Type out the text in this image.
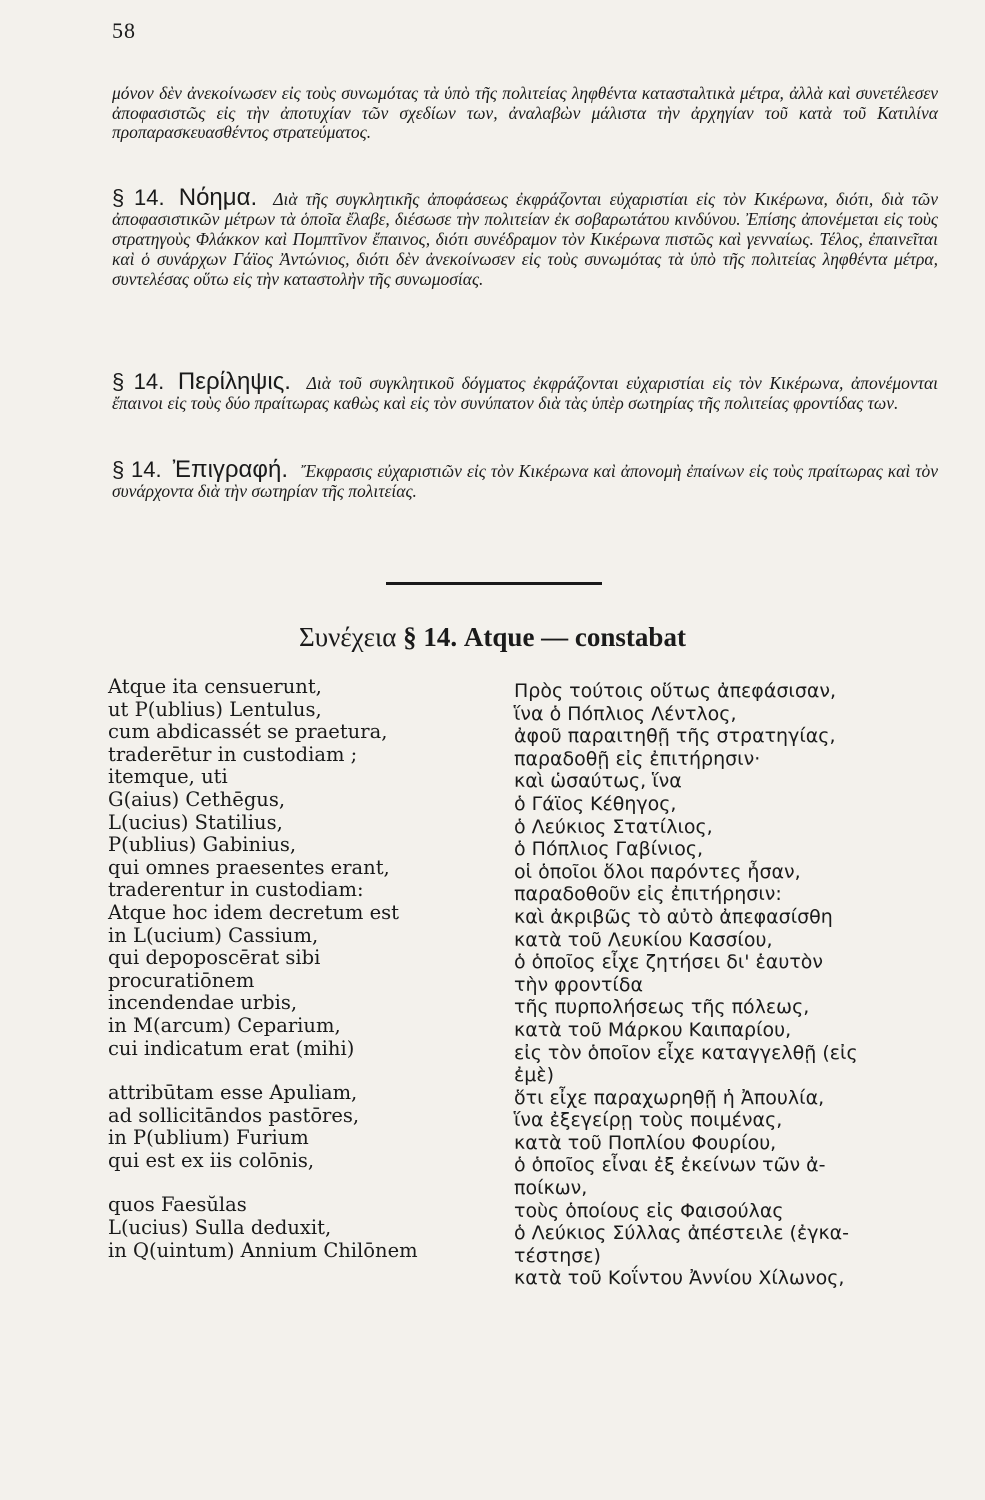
58
μόνον δὲν ἀνεκοίνωσεν εἰς τοὺς συνωμότας τὰ ὑπὸ τῆς πολιτείας ληφθέντα καταστaλτικὰ μέτρα, ἀλλὰ καὶ συνετέλεσεν ἀποφασιστῶς εἰς τὴν ἀποτυχίαν τῶν σχεδίων των, ἀναλαβὼν μάλιστα τὴν ἀρχηγίαν τοῦ κατὰ τοῦ Κατιλίνα προπαρασκευασθέντος στρατεύματος.
§ 14. Νόημα. Διὰ τῆς συγκλητικῆς ἀποφάσεως ἐκφράζονται εὐχαριστίαι εἰς τὸν Κικέρωνα, διότι, διὰ τῶν ἀποφασιστικῶν μέτρων τὰ ὁποῖα ἔλαβε, διέσωσε τὴν πολιτείαν ἐκ σοβαρωτάτου κινδύνου. Ἐπίσης ἀπονέμεται εἰς τοὺς στρατηγοὺς Φλάκκον καὶ Πομπτῖνον ἔπαινος, διότι συνέδραμον τὸν Κικέρωνα πιστῶς καὶ γενναίως. Τέλος, ἐπαινεῖται καὶ ὁ συνάρχων Γάϊος Ἀντώνιος, διότι δὲν ἀνεκοίνωσεν εἰς τοὺς συνωμότας τὰ ὑπὸ τῆς πολιτείας ληφθέντα μέτρα, συντελέσας οὕτω εἰς τὴν καταστολὴν τῆς συνωμοσίας.
§ 14. Περίληψις. Διὰ τοῦ συγκλητικοῦ δόγματος ἐκφράζονται εὐχαριστίαι εἰς τὸν Κικέρωνα, ἀπονέμονται ἔπαινοι εἰς τοὺς δύο πραίτωρας καθὼς καὶ εἰς τὸν συνύπατον διὰ τὰς ὑπὲρ σωτηρίας τῆς πολιτείας φροντίδας των.
§ 14. Ἐπιγραφή. Ἔκφρασις εὐχαριστιῶν εἰς τὸν Κικέρωνα καὶ ἀπονομὴ ἐπαίνων εἰς τοὺς πραίτωρας καὶ τὸν συνάρχοντα διὰ τὴν σωτηρίαν τῆς πολιτείας.
Συνέχεια § 14. Atque — constabat
Atque ita censuerunt,
ut P(ublius) Lentulus,
cum abdicassét se praetura,
traderētur in custodiam ;
itemque, uti
G(aius) Cethēgus,
L(ucius) Statilius,
P(ublius) Gabinius,
qui omnes praesentes erant,
traderentur in custodiam:
Atque hoc idem decretum est
in L(ucium) Cassium,
qui depoposcērat sibi
procuratiōnem
incendendae urbis,
in M(arcum) Ceparium,
cui indicatum erat (mihi)
attribūtam esse Apuliam,
ad sollicitāndos pastōres,
in P(ublium) Furium
qui est ex iis colōnis,
quos Faesŭlas
L(ucius) Sulla deduxit,
in Q(uintum) Annium Chilōnem
Πρὸς τούτοις οὕτως ἀπεφάσισαν,
ἵνα ὁ Πόπλιος Λέντλος,
ἀφοῦ παραιτηθῇ τῆς στρατηγίας,
παραδοθῇ εἰς ἐπιτήρησιν·
καὶ ὡσαύτως, ἵνα
ὁ Γάϊος Κέθηγος,
ὁ Λεύκιος Στατίλιος,
ὁ Πόπλιος Γαβίνιος,
οἱ ὁποῖοι ὅλοι παρόντες ἦσαν,
παραδοθοῦν εἰς ἐπιτήρησιν:
καὶ ἀκριβῶς τὸ αὐτὸ ἀπεφασίσθη
κατὰ τοῦ Λευκίου Κασσίου,
ὁ ὁποῖος εἶχε ζητήσει δι' ἑαυτὸν
τὴν φροντίδα
τῆς πυρπολήσεως τῆς πόλεως,
κατὰ τοῦ Μάρκου Καιπαρίου,
εἰς τὸν ὁποῖον εἶχε καταγγελθῇ (εἰς
ἐμὲ)
ὅτι εἶχε παραχωρηθῇ ἡ Ἀπουλία,
ἵνα ἐξεγείρῃ τοὺς ποιμένας,
κατὰ τοῦ Ποπλίου Φουρίου,
ὁ ὁποῖος εἶναι ἐξ ἐκείνων τῶν ἀ-
ποίκων,
τοὺς ὁποίους εἰς Φαισούλας
ὁ Λεύκιος Σύλλας ἀπέστειλε (ἐγκα-
τέστησε)
κατὰ τοῦ Κοΐντου Ἀννίου Χίλωνος,
